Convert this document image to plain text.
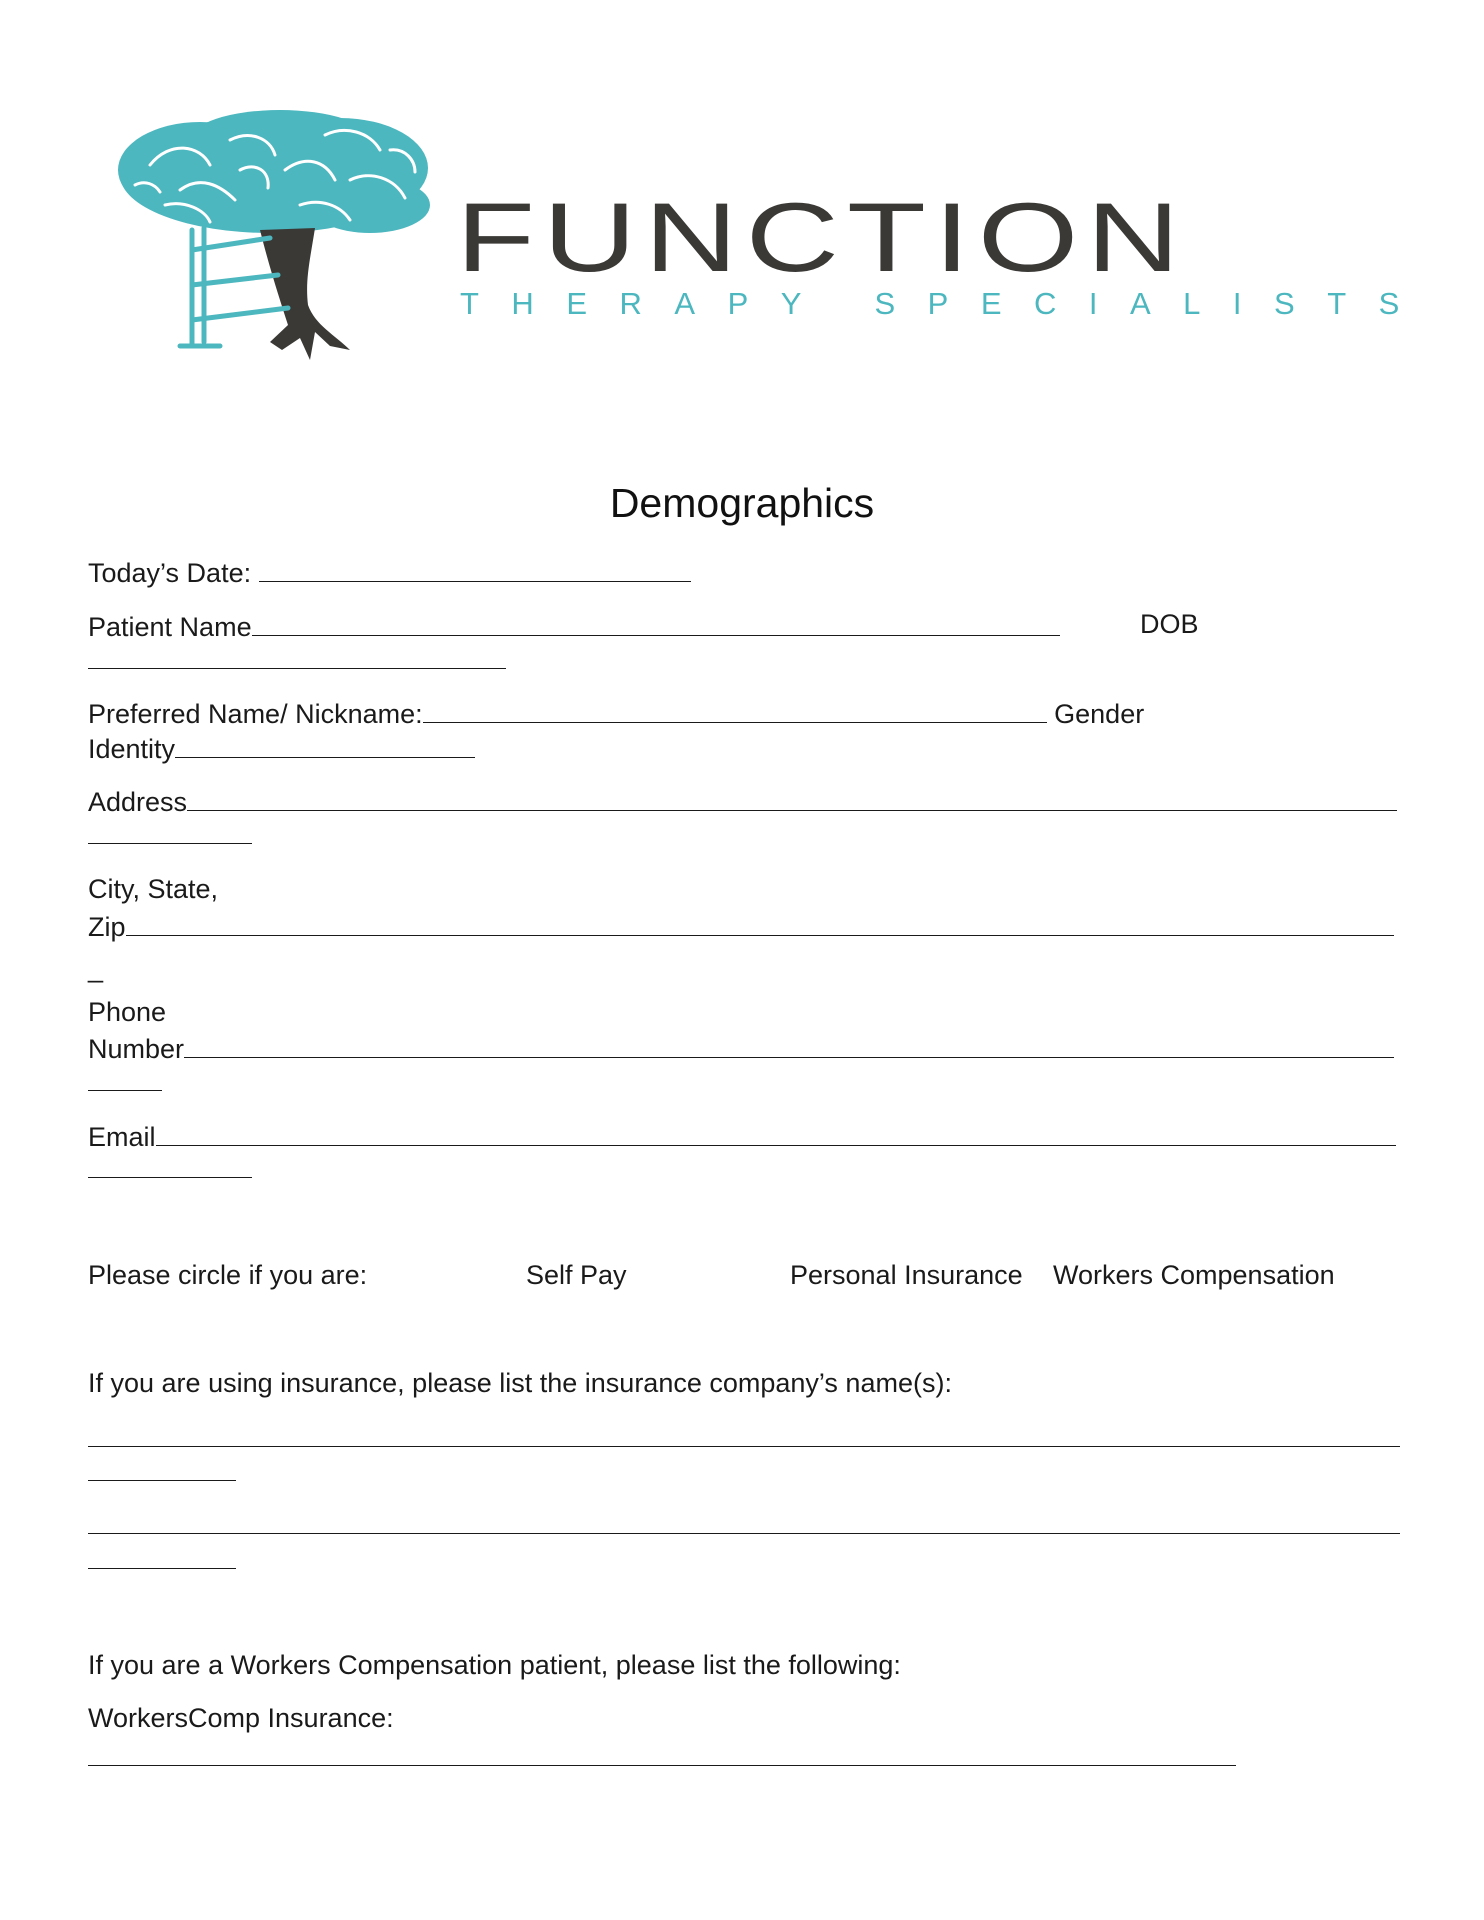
FUNCTION
THERAPY SPECIALISTS
Demographics
Today’s Date:
Patient Name	DOB
Preferred Name/ Nickname:	Gender
Identity
Address
City, State,
Zip
_
Phone
Number
Email
Please circle if you are:	Self Pay	Personal Insurance Workers Compensation
If you are using insurance, please list the insurance company’s name(s):
If you are a Workers Compensation patient, please list the following:
WorkersComp Insurance:
